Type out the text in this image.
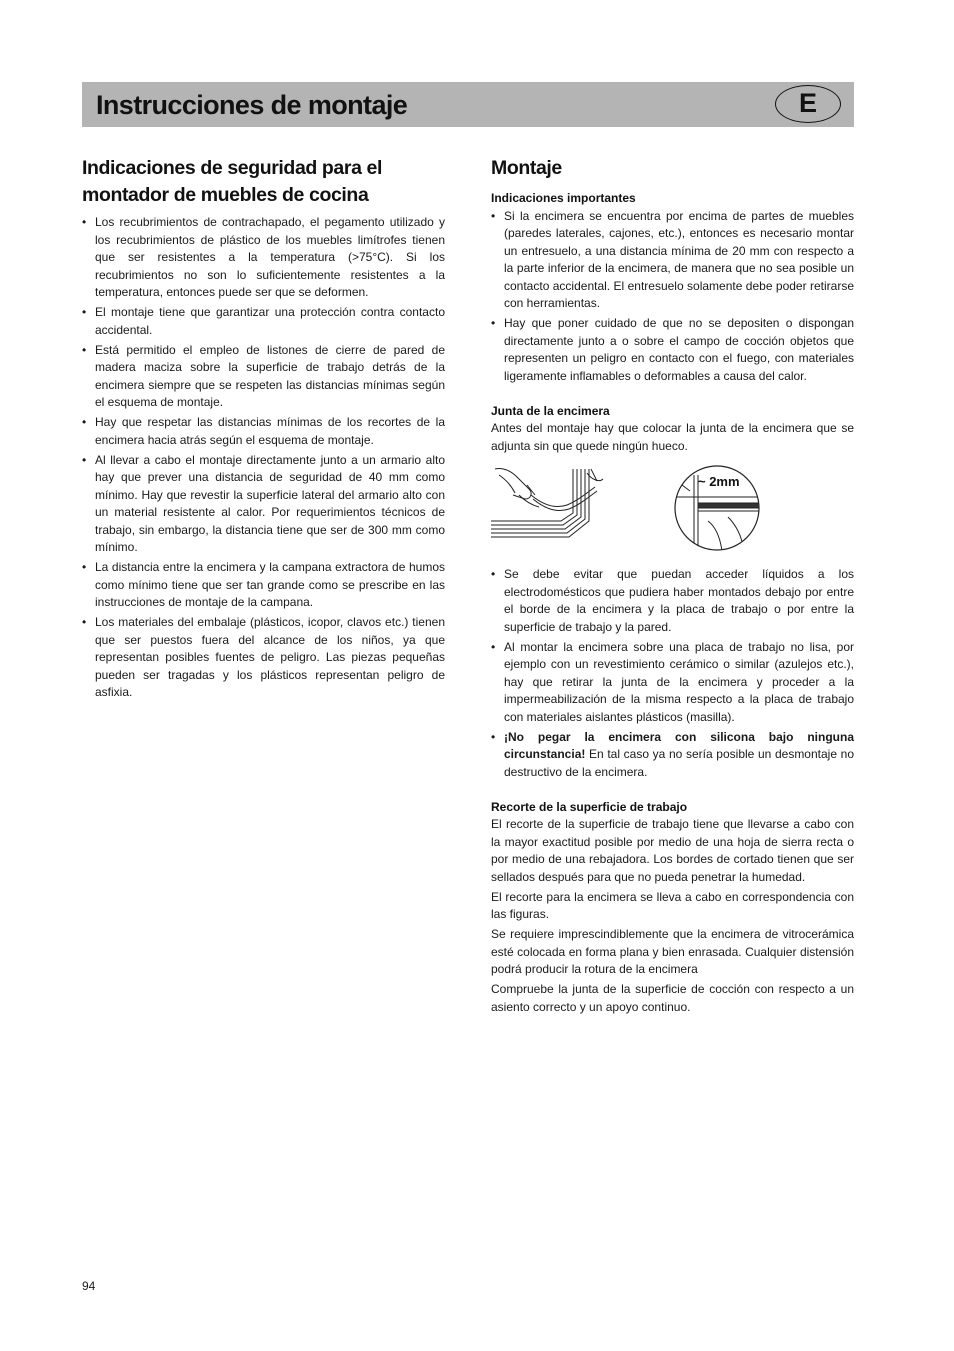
Instrucciones de montaje	E
Indicaciones de seguridad para el montador de muebles de cocina
• Los recubrimientos de contrachapado, el pegamento utilizado y los recubrimientos de plástico de los muebles limítrofes tienen que ser resistentes a la temperatura (>75°C). Si los recubrimientos no son lo suficientemente resistentes a la temperatura, entonces puede ser que se deformen.
• El montaje tiene que garantizar una protección contra contacto accidental.
• Está permitido el empleo de listones de cierre de pared de madera maciza sobre la superficie de trabajo detrás de la encimera siempre que se respeten las distancias mínimas según el esquema de montaje.
• Hay que respetar las distancias mínimas de los recortes de la encimera hacia atrás según el esquema de montaje.
• Al llevar a cabo el montaje directamente junto a un armario alto hay que prever una distancia de seguridad de 40 mm como mínimo. Hay que revestir la superficie lateral del armario alto con un material resistente al calor. Por requerimientos técnicos de trabajo, sin embargo, la distancia tiene que ser de 300 mm como mínimo.
• La distancia entre la encimera y la campana extractora de humos como mínimo tiene que ser tan grande como se prescribe en las instrucciones de montaje de la campana.
• Los materiales del embalaje (plásticos, icopor, clavos etc.) tienen que ser puestos fuera del alcance de los niños, ya que representan posibles fuentes de peligro. Las piezas pequeñas pueden ser tragadas y los plásticos representan peligro de asfixia.
Montaje
Indicaciones importantes
• Si la encimera se encuentra por encima de partes de muebles (paredes laterales, cajones, etc.), entonces es necesario montar un entresuelo, a una distancia mínima de 20 mm con respecto a la parte inferior de la encimera, de manera que no sea posible un contacto accidental. El entresuelo solamente debe poder retirarse con herramientas.
• Hay que poner cuidado de que no se depositen o dispongan directamente junto a o sobre el campo de cocción objetos que representen un peligro en contacto con el fuego, con materiales ligeramente inflamables o deformables a causa del calor.
Junta de la encimera

Antes del montaje hay que colocar la junta de la encimera que se adjunta sin que quede ningún hueco.

~ 2mm
• Se debe evitar que puedan acceder líquidos a los electrodomésticos que pudiera haber montados debajo por entre el borde de la encimera y la placa de trabajo o por entre la superficie de trabajo y la pared.
• Al montar la encimera sobre una placa de trabajo no lisa, por ejemplo con un revestimiento cerámico o similar (azulejos etc.), hay que retirar la junta de la encimera y proceder a la impermeabilización de la misma respecto a la placa de trabajo con materiales aislantes plásticos (masilla).
• ¡No pegar la encimera con silicona bajo ninguna circunstancia! En tal caso ya no sería posible un desmontaje no destructivo de la encimera.
Recorte de la superficie de trabajo

El recorte de la superficie de trabajo tiene que llevarse a cabo con la mayor exactitud posible por medio de una hoja de sierra recta o por medio de una rebajadora. Los bordes de cortado tienen que ser sellados después para que no pueda penetrar la humedad.

El recorte para la encimera se lleva a cabo en correspondencia con las figuras.

Se requiere imprescindiblemente que la encimera de vitrocerámica esté colocada en forma plana y bien enrasada. Cualquier distensión podrá producir la rotura de la encimera

Compruebe la junta de la superficie de cocción con respecto a un asiento correcto y un apoyo continuo.

94
